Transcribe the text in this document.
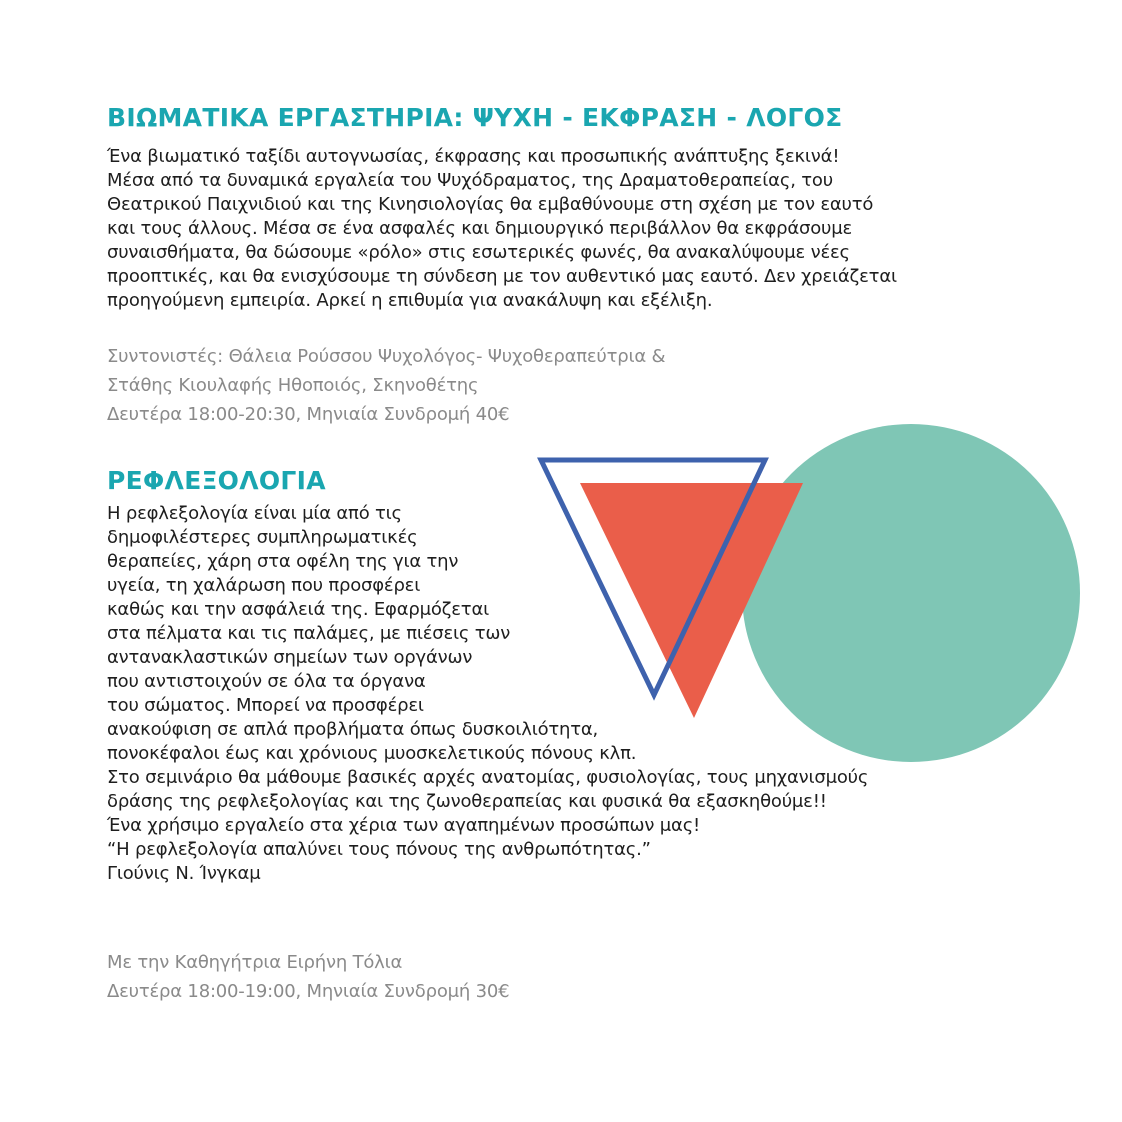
ΒΙΩΜΑΤΙΚΑ ΕΡΓΑΣΤΗΡΙΑ: ΨΥΧΗ - ΕΚΦΡΑΣΗ - ΛΟΓΟΣ
Ένα βιωματικό ταξίδι αυτογνωσίας, έκφρασης και προσωπικής ανάπτυξης ξεκινά!
Μέσα από τα δυναμικά εργαλεία του Ψυχόδραματος, της Δραματοθεραπείας, του
Θεατρικού Παιχνιδιού και της Κινησιολογίας θα εμβαθύνουμε στη σχέση με τον εαυτό
και τους άλλους. Μέσα σε ένα ασφαλές και δημιουργικό περιβάλλον θα εκφράσουμε
συναισθήματα, θα δώσουμε «ρόλο» στις εσωτερικές φωνές, θα ανακαλύψουμε νέες
προοπτικές, και θα ενισχύσουμε τη σύνδεση με τον αυθεντικό μας εαυτό. Δεν χρειάζεται
προηγούμενη εμπειρία. Αρκεί η επιθυμία για ανακάλυψη και εξέλιξη.
Συντονιστές: Θάλεια Ρούσσου Ψυχολόγος- Ψυχοθεραπεύτρια &
Στάθης Κιουλαφής Ηθοποιός, Σκηνοθέτης
Δευτέρα 18:00-20:30, Μηνιαία Συνδρομή 40€
ΡΕΦΛΕΞΟΛΟΓΙΑ
Η ρεφλεξολογία είναι μία από τις
δημοφιλέστερες συμπληρωματικές
θεραπείες, χάρη στα οφέλη της για την
υγεία, τη χαλάρωση που προσφέρει
καθώς και την ασφάλειά της. Εφαρμόζεται
στα πέλματα και τις παλάμες, με πιέσεις των
αντανακλαστικών σημείων των οργάνων
που αντιστοιχούν σε όλα τα όργανα
του σώματος. Μπορεί να προσφέρει
ανακούφιση σε απλά προβλήματα όπως δυσκοιλιότητα,
πονοκέφαλοι έως και χρόνιους μυοσκελετικούς πόνους κλπ.
Στο σεμινάριο θα μάθουμε βασικές αρχές ανατομίας, φυσιολογίας, τους μηχανισμούς
δράσης της ρεφλεξολογίας και της ζωνοθεραπείας και φυσικά θα εξασκηθούμε!!
Ένα χρήσιμο εργαλείο στα χέρια των αγαπημένων προσώπων μας!
“Η ρεφλεξολογία απαλύνει τους πόνους της ανθρωπότητας.”
Γιούνις Ν. Ίνγκαμ
Με την Καθηγήτρια Ειρήνη Τόλια
Δευτέρα 18:00-19:00, Μηνιαία Συνδρομή 30€
